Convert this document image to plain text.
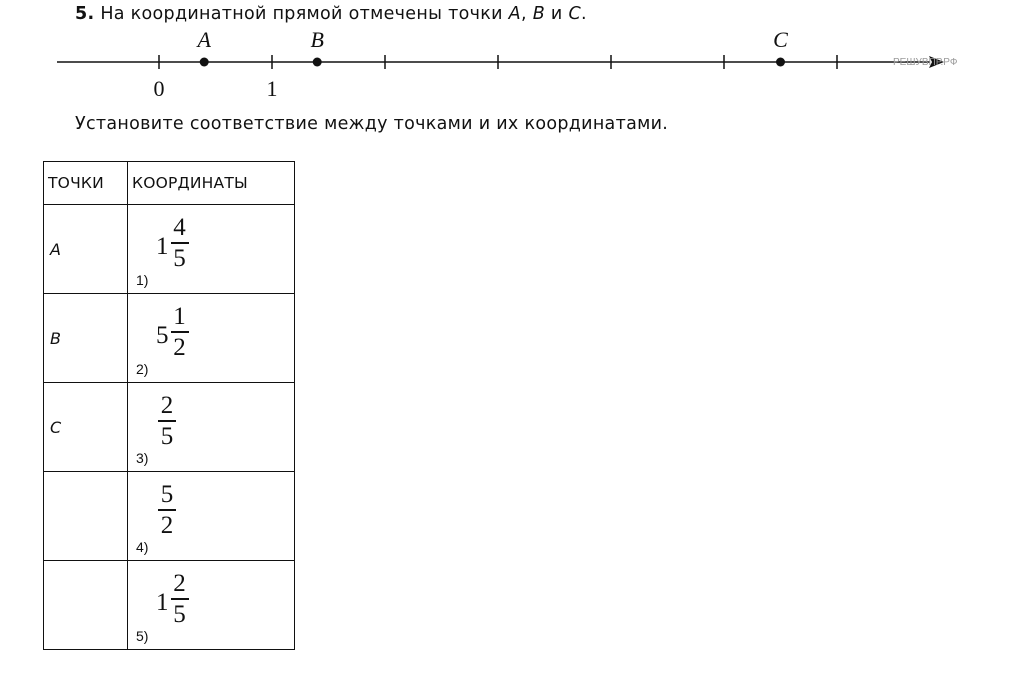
5. На координатной прямой отмечены точки A, B и C.
A	B	C
0	1
РЕШУВПР.РФ
Установите соответствие между точками и их координатами.
ТОЧКИ	КООРДИНАТЫ
A	1)
1
4
5

B	2)
5
1
2

C	3)
2
5

	4)
5
2

	5)
1
2
5
